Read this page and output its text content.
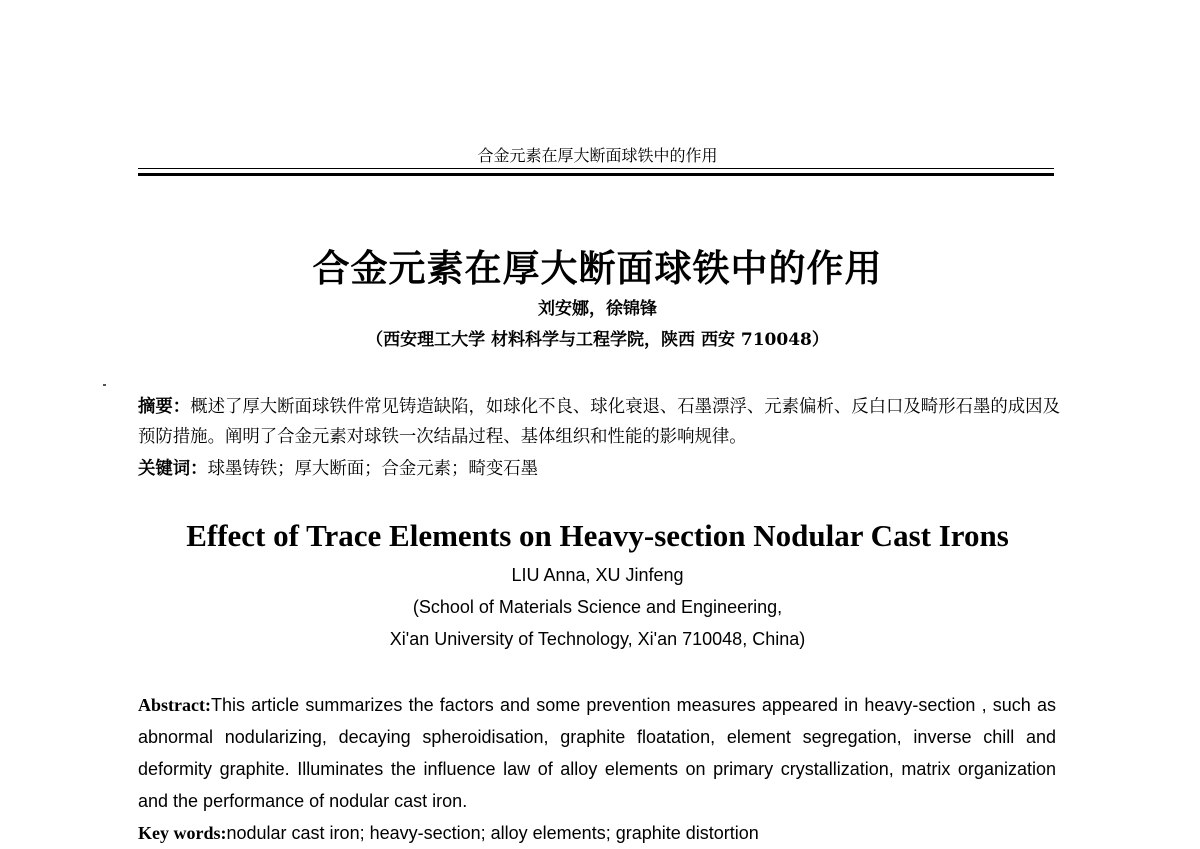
合金元素在厚大断面球铁中的作用
合金元素在厚大断面球铁中的作用
刘安娜，徐锦锋
（西安理工大学 材料科学与工程学院，陕西 西安 710048）
摘要：概述了厚大断面球铁件常见铸造缺陷，如球化不良、球化衰退、石墨漂浮、元素偏析、反白口及畸形石墨的成因及预防措施。阐明了合金元素对球铁一次结晶过程、基体组织和性能的影响规律。
关键词：球墨铸铁；厚大断面；合金元素；畸变石墨
Effect of Trace Elements on Heavy-section Nodular Cast Irons
LIU Anna, XU Jinfeng
(School of Materials Science and Engineering,
Xi'an University of Technology, Xi'an 710048, China)
Abstract:This article summarizes the factors and some prevention measures appeared in heavy-section , such as abnormal nodularizing, decaying spheroidisation, graphite floatation, element segregation, inverse chill and deformity graphite. Illuminates the influence law of alloy elements on primary crystallization, matrix organization and the performance of nodular cast iron.
Key words:nodular cast iron; heavy-section; alloy elements; graphite distortion
